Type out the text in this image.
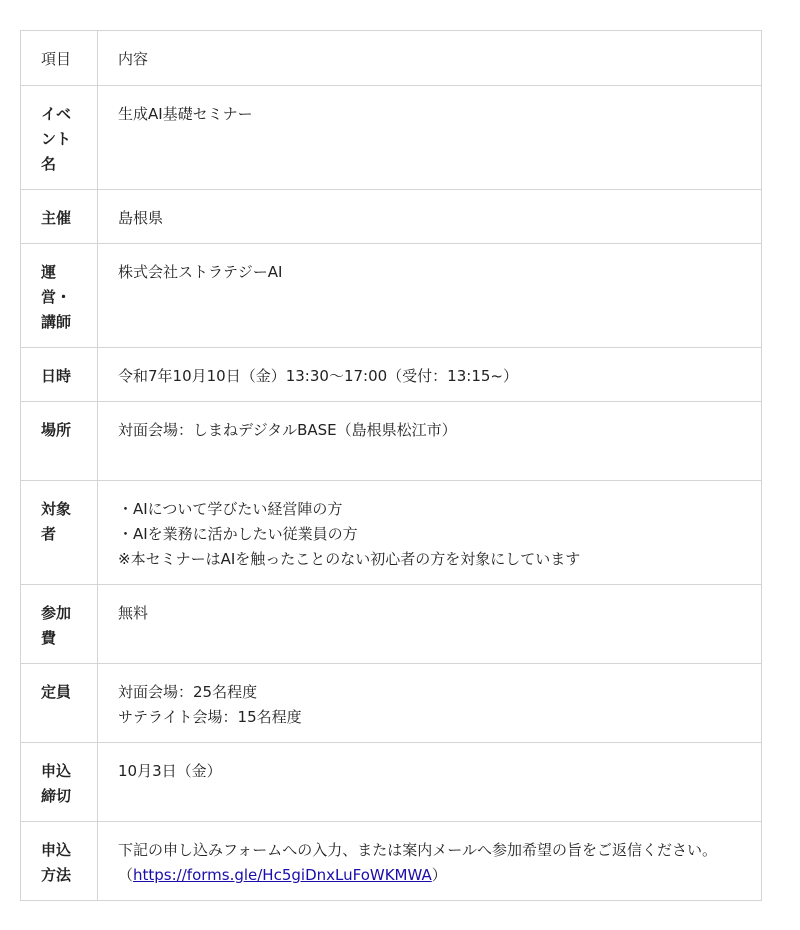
項目	内容
イベント名	生成AI基礎セミナー

主催	島根県

運営・講師	株式会社ストラテジーAI

日時	令和7年10月10日（金）13:30〜17:00（受付：13:15~）

場所	対面会場：しまねデジタルBASE（島根県松江市）

対象者	・AIについて学びたい経営陣の方
・AIを業務に活かしたい従業員の方
※本セミナーはAIを触ったことのない初心者の方を対象にしています

参加費	無料

定員	対面会場：25名程度
サテライト会場：15名程度

申込締切	10月3日（金）

申込方法	下記の申し込みフォームへの入力、または案内メールへ参加希望の旨をご返信ください。（https://forms.gle/Hc5giDnxLuFoWKMWA）
